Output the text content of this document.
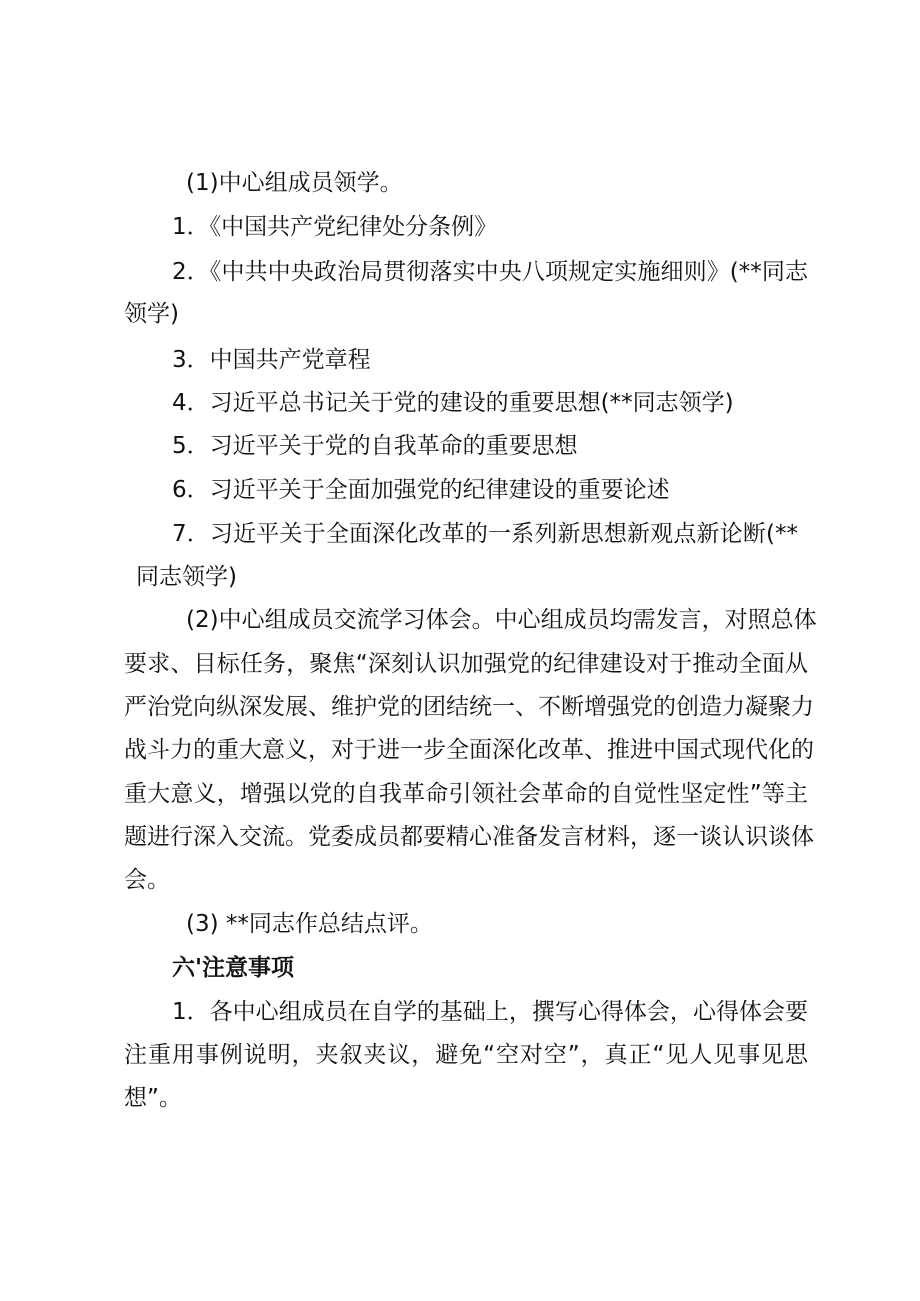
(1)中心组成员领学。

1．《中国共产党纪律处分条例》

2．《中共中央政治局贯彻落实中央八项规定实施细则》(**同志

领学)

3．中国共产党章程

4．习近平总书记关于党的建设的重要思想(**同志领学)

5．习近平关于党的自我革命的重要思想

6．习近平关于全面加强党的纪律建设的重要论述

7．习近平关于全面深化改革的一系列新思想新观点新论断(**

同志领学)

(2)中心组成员交流学习体会。中心组成员均需发言，对照总体

要求、目标任务，聚焦“深刻认识加强党的纪律建设对于推动全面从

严治党向纵深发展、维护党的团结统一、不断增强党的创造力凝聚力

战斗力的重大意义，对于进一步全面深化改革、推进中国式现代化的

重大意义，增强以党的自我革命引领社会革命的自觉性坚定性”等主

题进行深入交流。党委成员都要精心准备发言材料，逐一谈认识谈体

会。

(3) **同志作总结点评。

六'注意事项

1．各中心组成员在自学的基础上，撰写心得体会，心得体会要

注重用事例说明，夹叙夹议，避免“空对空”，真正“见人见事见思

想”。
